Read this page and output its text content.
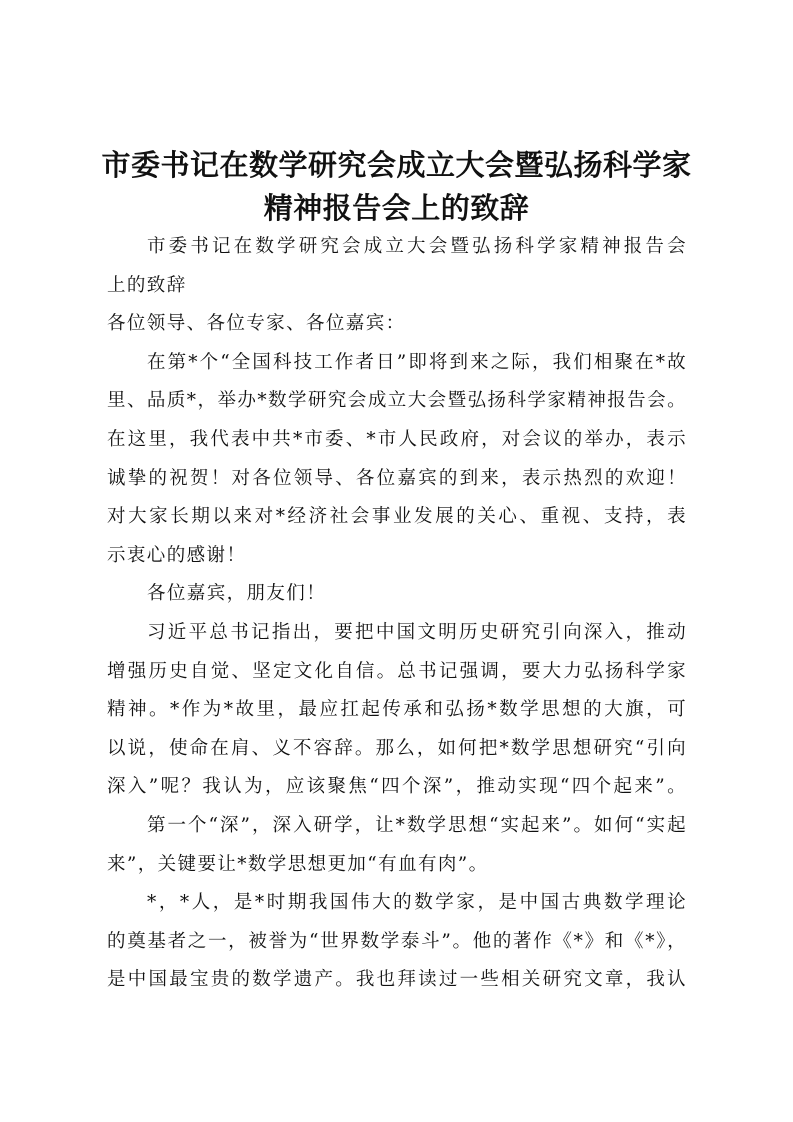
市委书记在数学研究会成立大会暨弘扬科学家
精神报告会上的致辞
市委书记在数学研究会成立大会暨弘扬科学家精神报告会
上的致辞
各位领导、各位专家、各位嘉宾：
在第*个“全国科技工作者日”即将到来之际，我们相聚在*故
里、品质*，举办*数学研究会成立大会暨弘扬科学家精神报告会。
在这里，我代表中共*市委、*市人民政府，对会议的举办，表示
诚挚的祝贺！对各位领导、各位嘉宾的到来，表示热烈的欢迎！
对大家长期以来对*经济社会事业发展的关心、重视、支持，表
示衷心的感谢！
各位嘉宾，朋友们！
习近平总书记指出，要把中国文明历史研究引向深入，推动
增强历史自觉、坚定文化自信。总书记强调，要大力弘扬科学家
精神。*作为*故里，最应扛起传承和弘扬*数学思想的大旗，可
以说，使命在肩、义不容辞。那么，如何把*数学思想研究“引向
深入”呢？我认为，应该聚焦“四个深”，推动实现“四个起来”。
第一个“深”，深入研学，让*数学思想“实起来”。如何“实起
来”，关键要让*数学思想更加“有血有肉”。
*，*人，是*时期我国伟大的数学家，是中国古典数学理论
的奠基者之一，被誉为“世界数学泰斗”。他的著作《*》和《*》，
是中国最宝贵的数学遗产。我也拜读过一些相关研究文章，我认
